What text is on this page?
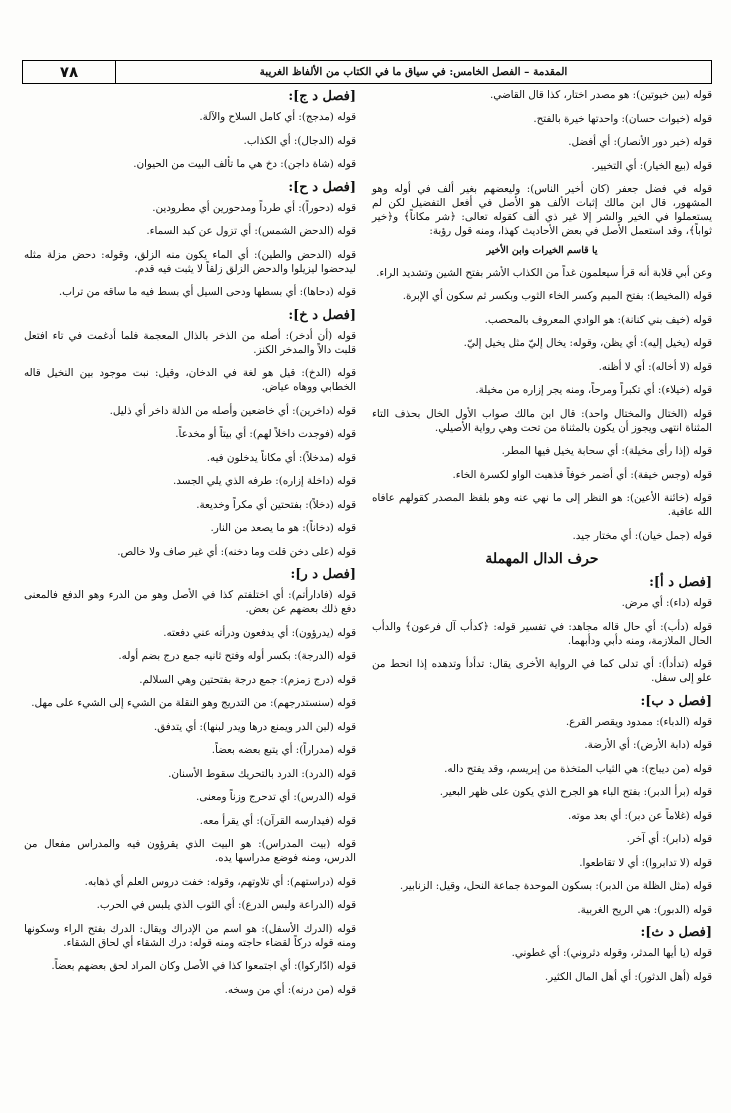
٧٨	المقدمة – الفصل الخامس: في سياق ما في الكتاب من الألفاظ الغريبة

قوله (بين خيوتين): هو مصدر اختار، كذا قال القاضي.

قوله (خيوات حسان): واحدتها خيرة بالفتح.

قوله (خير دور الأنصار): أي أفضل.

قوله (بيع الخيار): أي التخيير.

قوله في فضل جعفر (كان أخير الناس): وليعضهم بغير ألف في أوله وهو المشهور، قال ابن مالك إثبات الألف هو الأصل في أفعل التفضيل لكن لم يستعملوا في الخير والشر إلا غير ذي ألف كقوله تعالى: ﴿شر مكاناً﴾ و﴿خير ثواباً﴾، وقد استعمل الأصل في بعض الأحاديث كهذا، ومنه قول رؤبة:

يا قاسم الخيرات وابن الأخير

وعن أبي قلابة أنه قرأ سيعلمون غداً من الكذاب الأشر بفتح الشين وتشديد الراء.

قوله (المخيط): بفتح الميم وكسر الخاء الثوب وبكسر ثم سكون أي الإبرة.

قوله (خيف بني كنانة): هو الوادي المعروف بالمحصب.

قوله (يخيل إليه): أي يظن، وقوله: يخال إليّ مثل يخيل إليّ.

قوله (لا أخاله): أي لا أظنه.

قوله (خيلاء): أي تكبراً ومرحاً، ومنه يجر إزاره من مخيلة.

قوله (الختال والمختال واحد): قال ابن مالك صواب الأول الخال بحذف التاء المثناة انتهى ويجوز أن يكون بالمثناة من تحت وهي رواية الأصيلي.

قوله (إذا رأى مخيلة): أي سحابة يخيل فيها المطر.

قوله (وجس خيفة): أي أضمر خوفاً فذهبت الواو لكسرة الخاء.

قوله (خائنة الأعين): هو النظر إلى ما نهي عنه وهو بلفظ المصدر كقولهم عافاه الله عافية.

قوله (جمل خيان): أي مختار جيد.

حرف الدال المهملة

[فصل د أ]:

قوله (داء): أي مرض.

قوله (دأب): أي حال قاله مجاهد: في تفسير قوله: ﴿كدأب آل فرعون﴾ والدأب الحال الملازمة، ومنه دأبي ودأبهما.

قوله (تدأدأ): أي تدلى كما في الرواية الأخرى يقال: تدأدأ وتدهده إذا انحط من علو إلى سفل.

[فصل د ب]:

قوله (الدباء): ممدود ويقصر القرع.

قوله (دابة الأرض): أي الأرضة.

قوله (من ديباج): هي الثياب المتخذة من إبريسم، وقد يفتح داله.

قوله (برأ الدبر): بفتح الباء هو الجرح الذي يكون على ظهر البعير.

قوله (غلاماً عن دبر): أي بعد موته.

قوله (دابر): أي آخر.

قوله (لا تدابروا): أي لا تقاطعوا.

قوله (مثل الظلة من الدبر): بسكون الموحدة جماعة النحل، وقيل: الزنابير.

قوله (الدبور): هي الريح الغربية.

[فصل د ث]:

قوله (يا أيها المدثر، وقوله دثروني): أي غطوني.

قوله (أهل الدثور): أي أهل المال الكثير.

[فصل د ج]:

قوله (مدجج): أي كامل السلاح والآلة.

قوله (الدجال): أي الكذاب.

قوله (شاة داجن): دخ هي ما تألف البيت من الحيوان.

[فصل د ح]:

قوله (دحوراً): أي طرداً ومدحورين أي مطرودين.

قوله (الدحض الشمس): أي تزول عن كبد السماء.

قوله (الدحض والطين): أي الماء يكون منه الزلق، وقوله: دحض مزلة مثله ليدحضوا ليزيلوا والدحض الزلق زلقاً لا يثبت فيه قدم.

قوله (دحاها): أي بسطها ودحى السيل أي بسط فيه ما ساقه من تراب.

[فصل د خ]:

قوله (أن أدخر): أصله من الذخر بالذال المعجمة فلما أدغمت في تاء افتعل قلبت دالاً والمدخر الكنز.

قوله (الدخ): قيل هو لغة في الدخان، وقيل: نبت موجود بين النخيل قاله الخطابي ووهاه عياض.

قوله (داخرين): أي خاضعين وأصله من الذلة داخر أي ذليل.

قوله (فوجدت داخلاً لهم): أي بيتاً أو مخدعاً.

قوله (مدخلاً): أي مكاناً يدخلون فيه.

قوله (داخلة إزاره): طرفه الذي يلي الجسد.

قوله (دخلاً): بفتحتين أي مكراً وخديعة.

قوله (دخاناً): هو ما يصعد من النار.

قوله (على دخن قلت وما دخنه): أي غير صاف ولا خالص.

[فصل د ر]:

قوله (فادارأتم): أي اختلفتم كذا في الأصل وهو من الدرء وهو الدفع فالمعنى دفع ذلك بعضهم عن بعض.

قوله (يدرؤون): أي يدفعون ودرأته عني دفعته.

قوله (الدرجة): بكسر أوله وفتح ثانيه جمع درج بضم أوله.

قوله (درج زمزم): جمع درجة بفتحتين وهي السلالم.

قوله (سنستدرجهم): من التدريج وهو النقلة من الشيء إلى الشيء على مهل.

قوله (لبن الدر ويمنع درها ويدر لبنها): أي يتدفق.

قوله (مدراراً): أي يتبع بعضه بعضاً.

قوله (الدرد): الدرد بالتحريك سقوط الأسنان.

قوله (الدرس): أي تدحرج وزناً ومعنى.

قوله (فيدارسه القرآن): أي يقرأ معه.

قوله (بيت المدراس): هو البيت الذي يقرؤون فيه والمدراس مفعال من الدرس، ومنه فوضع مدراسها يده.

قوله (دراستهم): أي تلاوتهم، وقوله: خفت دروس العلم أي ذهابه.

قوله (الدراعة ولبس الدرع): أي الثوب الذي يلبس في الحرب.

قوله (الدرك الأسفل): هو اسم من الإدراك ويقال: الدرك بفتح الراء وسكونها ومنه قوله دركاً لقضاء حاجته ومنه قوله: درك الشقاء أي لحاق الشقاء.

قوله (ادّاركوا): أي اجتمعوا كذا في الأصل وكان المراد لحق بعضهم بعضاً.

قوله (من درنه): أي من وسخه.
